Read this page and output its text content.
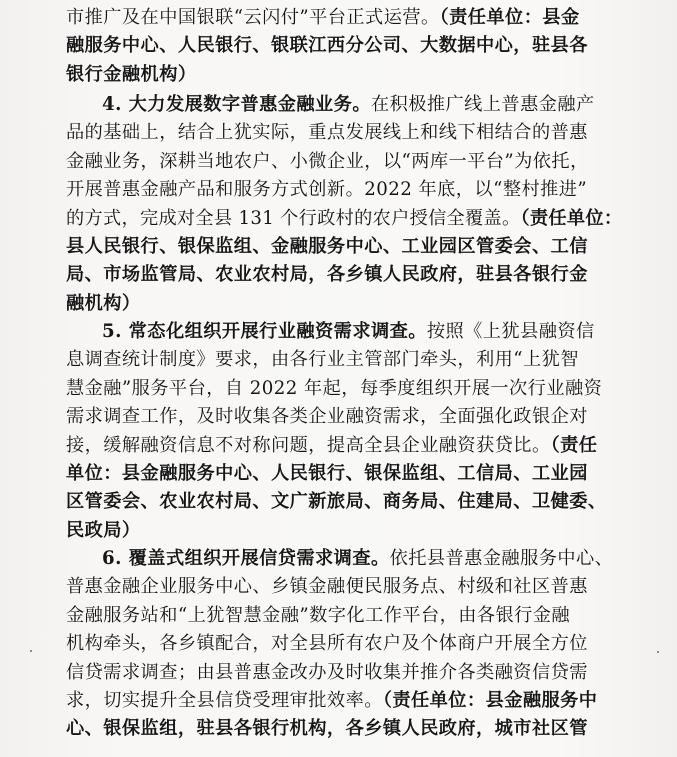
市推广及在中国银联“云闪付”平台正式运营。（责任单位：县金
融服务中心、人民银行、银联江西分公司、大数据中心，驻县各
银行金融机构）
4. 大力发展数字普惠金融业务。在积极推广线上普惠金融产
品的基础上，结合上犹实际，重点发展线上和线下相结合的普惠
金融业务，深耕当地农户、小微企业，以“两库一平台”为依托，
开展普惠金融产品和服务方式创新。2022 年底，以“整村推进”
的方式，完成对全县 131 个行政村的农户授信全覆盖。（责任单位：
县人民银行、银保监组、金融服务中心、工业园区管委会、工信
局、市场监管局、农业农村局，各乡镇人民政府，驻县各银行金
融机构）
5. 常态化组织开展行业融资需求调查。按照《上犹县融资信
息调查统计制度》要求，由各行业主管部门牵头，利用“上犹智
慧金融”服务平台，自 2022 年起，每季度组织开展一次行业融资
需求调查工作，及时收集各类企业融资需求，全面强化政银企对
接，缓解融资信息不对称问题，提高全县企业融资获贷比。（责任
单位：县金融服务中心、人民银行、银保监组、工信局、工业园
区管委会、农业农村局、文广新旅局、商务局、住建局、卫健委、
民政局）
6. 覆盖式组织开展信贷需求调查。依托县普惠金融服务中心、
普惠金融企业服务中心、乡镇金融便民服务点、村级和社区普惠
金融服务站和“上犹智慧金融”数字化工作平台，由各银行金融
机构牵头，各乡镇配合，对全县所有农户及个体商户开展全方位
信贷需求调查；由县普惠金改办及时收集并推介各类融资信贷需
求，切实提升全县信贷受理审批效率。（责任单位：县金融服务中
心、银保监组，驻县各银行机构，各乡镇人民政府，城市社区管
